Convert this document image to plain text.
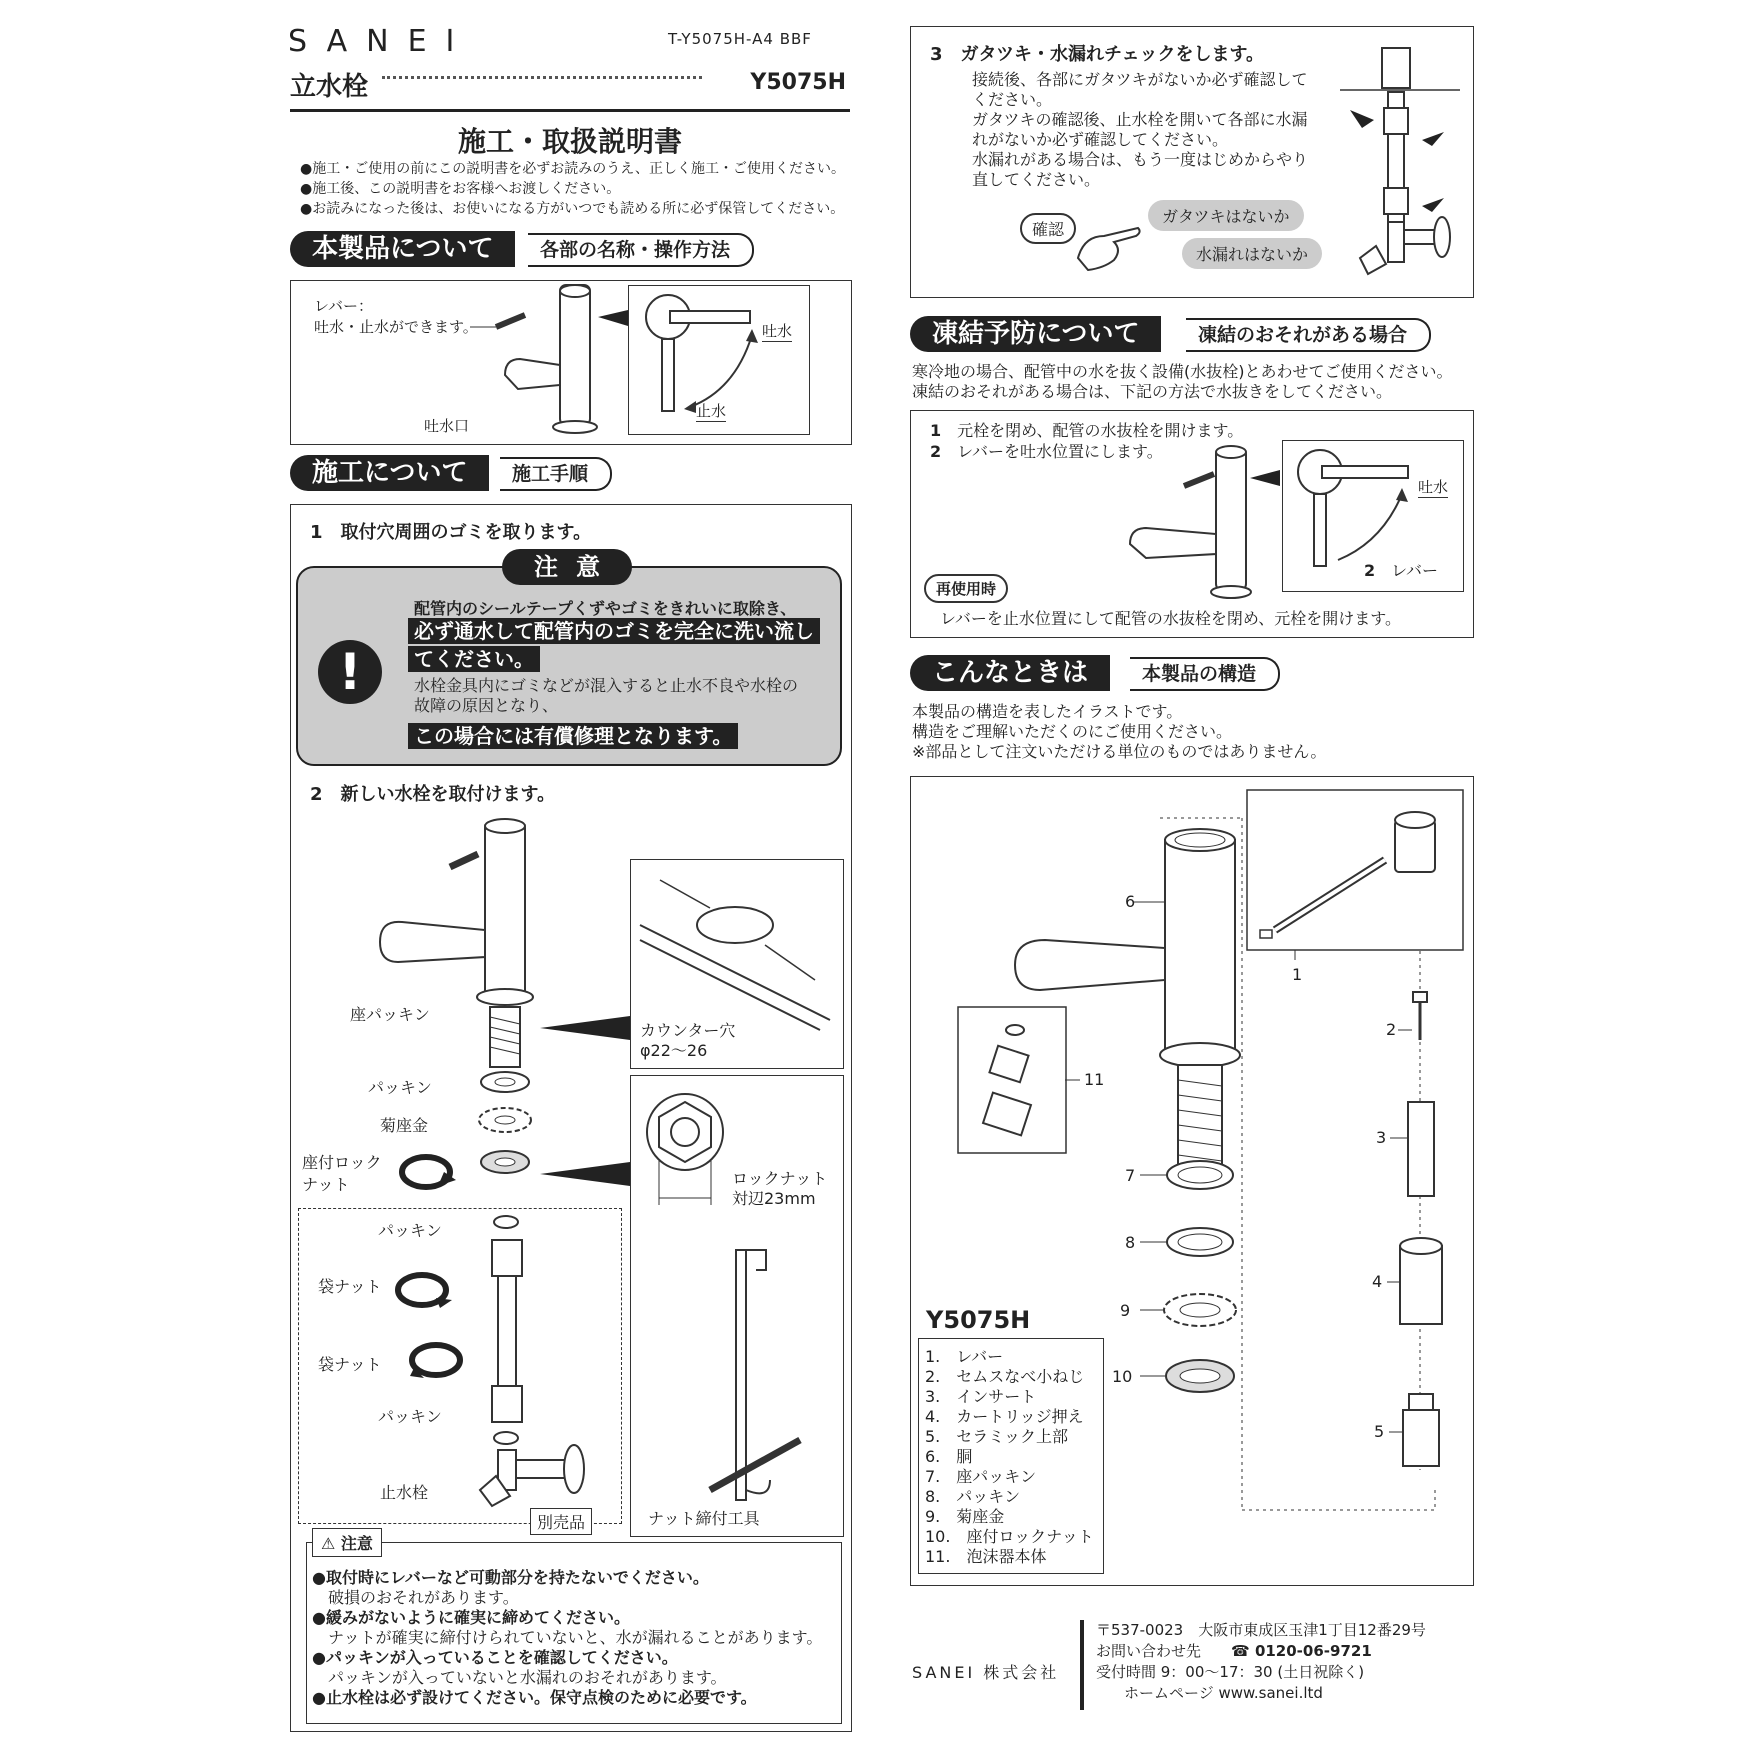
SANEI	T-Y5075H-A4 BBF
立水栓	Y5075H
施工・取扱説明書
●施工・ご使用の前にこの説明書を必ずお読みのうえ、正しく施工・ご使用ください。
●施工後、この説明書をお客様へお渡しください。
●お読みになった後は、お使いになる方がいつでも読める所に必ず保管してください。
本製品について	各部の名称・操作方法
レバー：
吐水・止水ができます。
吐水口
吐水
止水
施工について	施工手順
1　取付穴周囲のゴミを取ります。
注意
!
配管内のシールテープくずやゴミをきれいに取除き、
必ず通水して配管内のゴミを完全に洗い流し
てください。
水栓金具内にゴミなどが混入すると止水不良や水栓の
故障の原因となり、
この場合には有償修理となります。
2　新しい水栓を取付けます。
座パッキン
パッキン
菊座金
座付ロック
ナット
カウンター穴
φ22〜26
ロックナット
対辺23mm
ナット締付工具
別売品
パッキン
袋ナット
袋ナット
パッキン
止水栓
⚠ 注意
●取付時にレバーなど可動部分を持たないでください。
　破損のおそれがあります。
●緩みがないように確実に締めてください。
　ナットが確実に締付けられていないと、水が漏れることがあります。
●パッキンが入っていることを確認してください。
　パッキンが入っていないと水漏れのおそれがあります。
●止水栓は必ず設けてください。保守点検のために必要です。
3　ガタツキ・水漏れチェックをします。
接続後、各部にガタツキがないか必ず確認して
ください。
ガタツキの確認後、止水栓を開いて各部に水漏
れがないか必ず確認してください。
水漏れがある場合は、もう一度はじめからやり
直してください。
確認
ガタツキはないか
水漏れはないか
凍結予防について	凍結のおそれがある場合
寒冷地の場合、配管中の水を抜く設備(水抜栓)とあわせてご使用ください。
凍結のおそれがある場合は、下記の方法で水抜きをしてください。
1　 元栓を閉め、配管の水抜栓を開けます。
2　 レバーを吐水位置にします。
吐水
2　 レバー
再使用時
レバーを止水位置にして配管の水抜栓を閉め、元栓を開けます。
こんなときは	本製品の構造
本製品の構造を表したイラストです。
構造をご理解いただくのにご使用ください。
※部品として注文いただける単位のものではありません。
6
11
7
8
9
10
1
2
3
4
5
Y5075H
1.　レバー
2.　セムスなべ小ねじ
3.　インサート
4.　カートリッジ押え
5.　セラミック上部
6.　胴
7.　座パッキン
8.　パッキン
9.　菊座金
10.　座付ロックナット
11.　泡沫器本体
SANEI 株式会社
〒537-0023　大阪市東成区玉津1丁目12番29号
お問い合わせ先　　 ☎ 0120-06-9721
受付時間 9：00〜17：30 (土日祝除く)
ホームページ www.sanei.ltd
